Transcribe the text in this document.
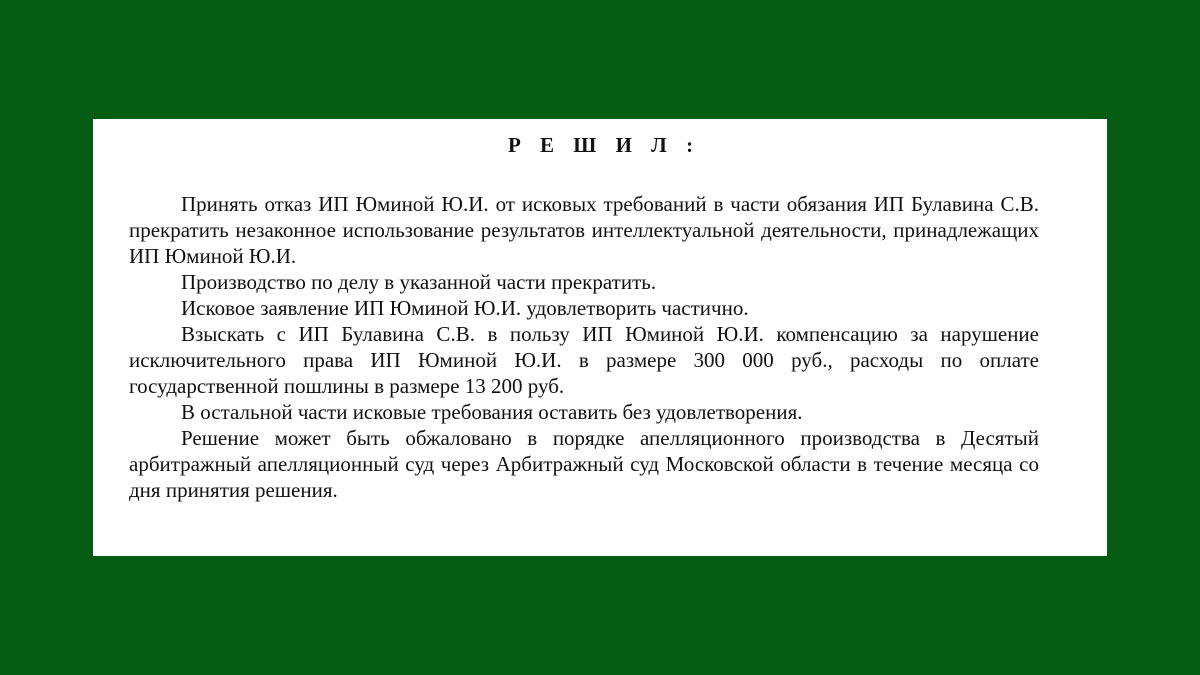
Р Е Ш И Л :

Принять отказ ИП Юминой Ю.И. от исковых требований в части обязания ИП Булавина С.В. прекратить незаконное использование результатов интеллектуальной деятельности, принадлежащих ИП Юминой Ю.И.

Производство по делу в указанной части прекратить.

Исковое заявление ИП Юминой Ю.И. удовлетворить частично.

Взыскать с ИП Булавина С.В. в пользу ИП Юминой Ю.И. компенсацию за нарушение исключительного права ИП Юминой Ю.И. в размере 300 000 руб., расходы по оплате государственной пошлины в размере 13 200 руб.

В остальной части исковые требования оставить без удовлетворения.

Решение может быть обжаловано в порядке апелляционного производства в Десятый арбитражный апелляционный суд через Арбитражный суд Московской области в течение месяца со дня принятия решения.
